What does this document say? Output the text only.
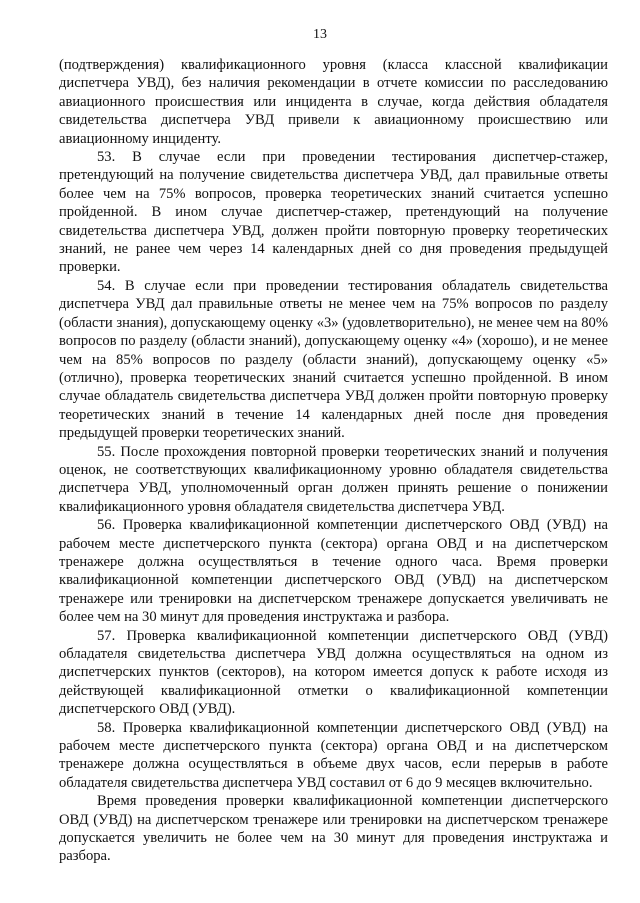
13

(подтверждения) квалификационного уровня (класса классной квалификации диспетчера УВД), без наличия рекомендации в отчете комиссии по расследованию авиационного происшествия или инцидента в случае, когда действия обладателя свидетельства диспетчера УВД привели к авиационному происшествию или авиационному инциденту.

53. В случае если при проведении тестирования диспетчер-стажер, претендующий на получение свидетельства диспетчера УВД, дал правильные ответы более чем на 75% вопросов, проверка теоретических знаний считается успешно пройденной. В ином случае диспетчер-стажер, претендующий на получение свидетельства диспетчера УВД, должен пройти повторную проверку теоретических знаний, не ранее чем через 14 календарных дней со дня проведения предыдущей проверки.

54. В случае если при проведении тестирования обладатель свидетельства диспетчера УВД дал правильные ответы не менее чем на 75% вопросов по разделу (области знания), допускающему оценку «3» (удовлетворительно), не менее чем на 80% вопросов по разделу (области знаний), допускающему оценку «4» (хорошо), и не менее чем на 85% вопросов по разделу (области знаний), допускающему оценку «5» (отлично), проверка теоретических знаний считается успешно пройденной. В ином случае обладатель свидетельства диспетчера УВД должен пройти повторную проверку теоретических знаний в течение 14 календарных дней после дня проведения предыдущей проверки теоретических знаний.

55. После прохождения повторной проверки теоретических знаний и получения оценок, не соответствующих квалификационному уровню обладателя свидетельства диспетчера УВД, уполномоченный орган должен принять решение о понижении квалификационного уровня обладателя свидетельства диспетчера УВД.

56. Проверка квалификационной компетенции диспетчерского ОВД (УВД) на рабочем месте диспетчерского пункта (сектора) органа ОВД и на диспетчерском тренажере должна осуществляться в течение одного часа. Время проверки квалификационной компетенции диспетчерского ОВД (УВД) на диспетчерском тренажере или тренировки на диспетчерском тренажере допускается увеличивать не более чем на 30 минут для проведения инструктажа и разбора.

57. Проверка квалификационной компетенции диспетчерского ОВД (УВД) обладателя свидетельства диспетчера УВД должна осуществляться на одном из диспетчерских пунктов (секторов), на котором имеется допуск к работе исходя из действующей квалификационной отметки о квалификационной компетенции диспетчерского ОВД (УВД).

58. Проверка квалификационной компетенции диспетчерского ОВД (УВД) на рабочем месте диспетчерского пункта (сектора) органа ОВД и на диспетчерском тренажере должна осуществляться в объеме двух часов, если перерыв в работе обладателя свидетельства диспетчера УВД составил от 6 до 9 месяцев включительно.

Время проведения проверки квалификационной компетенции диспетчерского ОВД (УВД) на диспетчерском тренажере или тренировки на диспетчерском тренажере допускается увеличить не более чем на 30 минут для проведения инструктажа и разбора.
